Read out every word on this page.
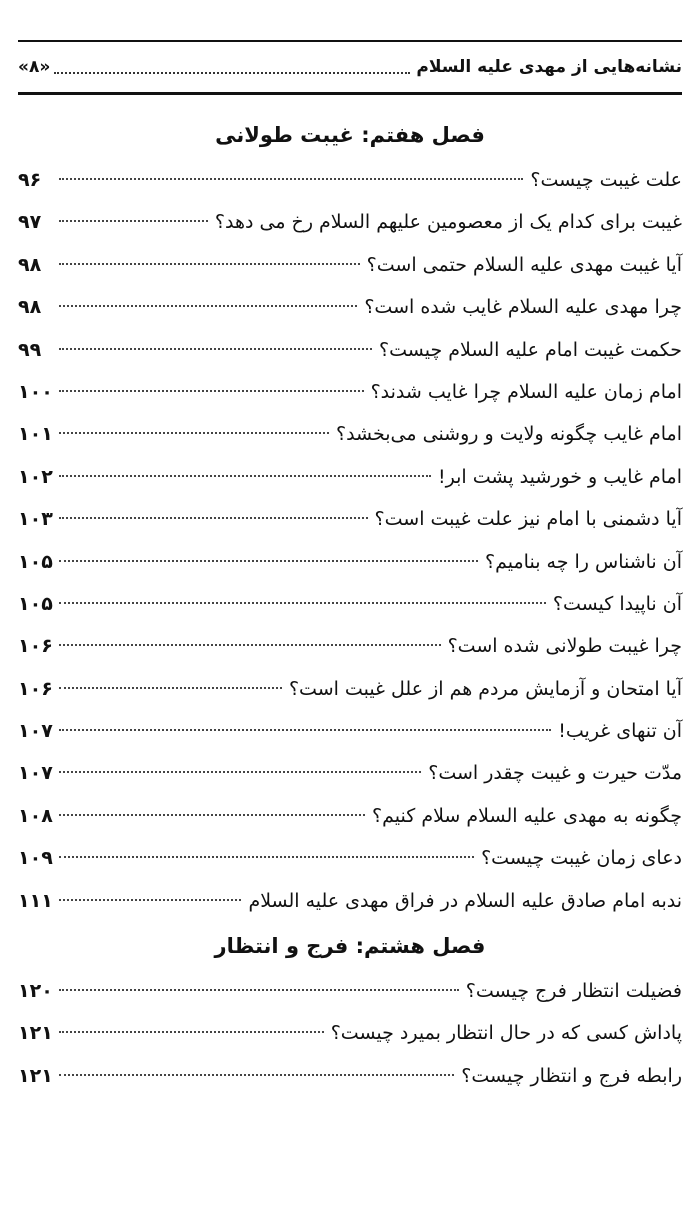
نشانه‌هایی از مهدی علیه السلام
«۸»
فصل هفتم: غیبت طولانی
علت غیبت چیست؟
۹۶
غیبت برای کدام یک از معصومین علیهم السلام رخ می دهد؟
۹۷
آیا غیبت مهدی علیه السلام حتمی است؟
۹۸
چرا مهدی علیه السلام غایب شده است؟
۹۸
حکمت غیبت امام علیه السلام چیست؟
۹۹
امام زمان علیه السلام چرا غایب شدند؟
۱۰۰
امام غایب چگونه ولایت و روشنی می‌بخشد؟
۱۰۱
امام غایب و خورشید پشت ابر!
۱۰۲
آیا دشمنی با امام نیز علت غیبت است؟
۱۰۳
آن ناشناس را چه بنامیم؟
۱۰۵
آن ناپیدا کیست؟
۱۰۵
چرا غیبت طولانی شده است؟
۱۰۶
آیا امتحان و آزمایش مردم هم از علل غیبت است؟
۱۰۶
آن تنهای غریب!
۱۰۷
مدّت حیرت و غیبت چقدر است؟
۱۰۷
چگونه به مهدی علیه السلام سلام کنیم؟
۱۰۸
دعای زمان غیبت چیست؟
۱۰۹
ندبه امام صادق علیه السلام در فراق مهدی علیه السلام
۱۱۱
فصل هشتم: فرج و انتظار
فضیلت انتظار فرج چیست؟
۱۲۰
پاداش کسی که در حال انتظار بمیرد چیست؟
۱۲۱
رابطه فرج و انتظار چیست؟
۱۲۱
